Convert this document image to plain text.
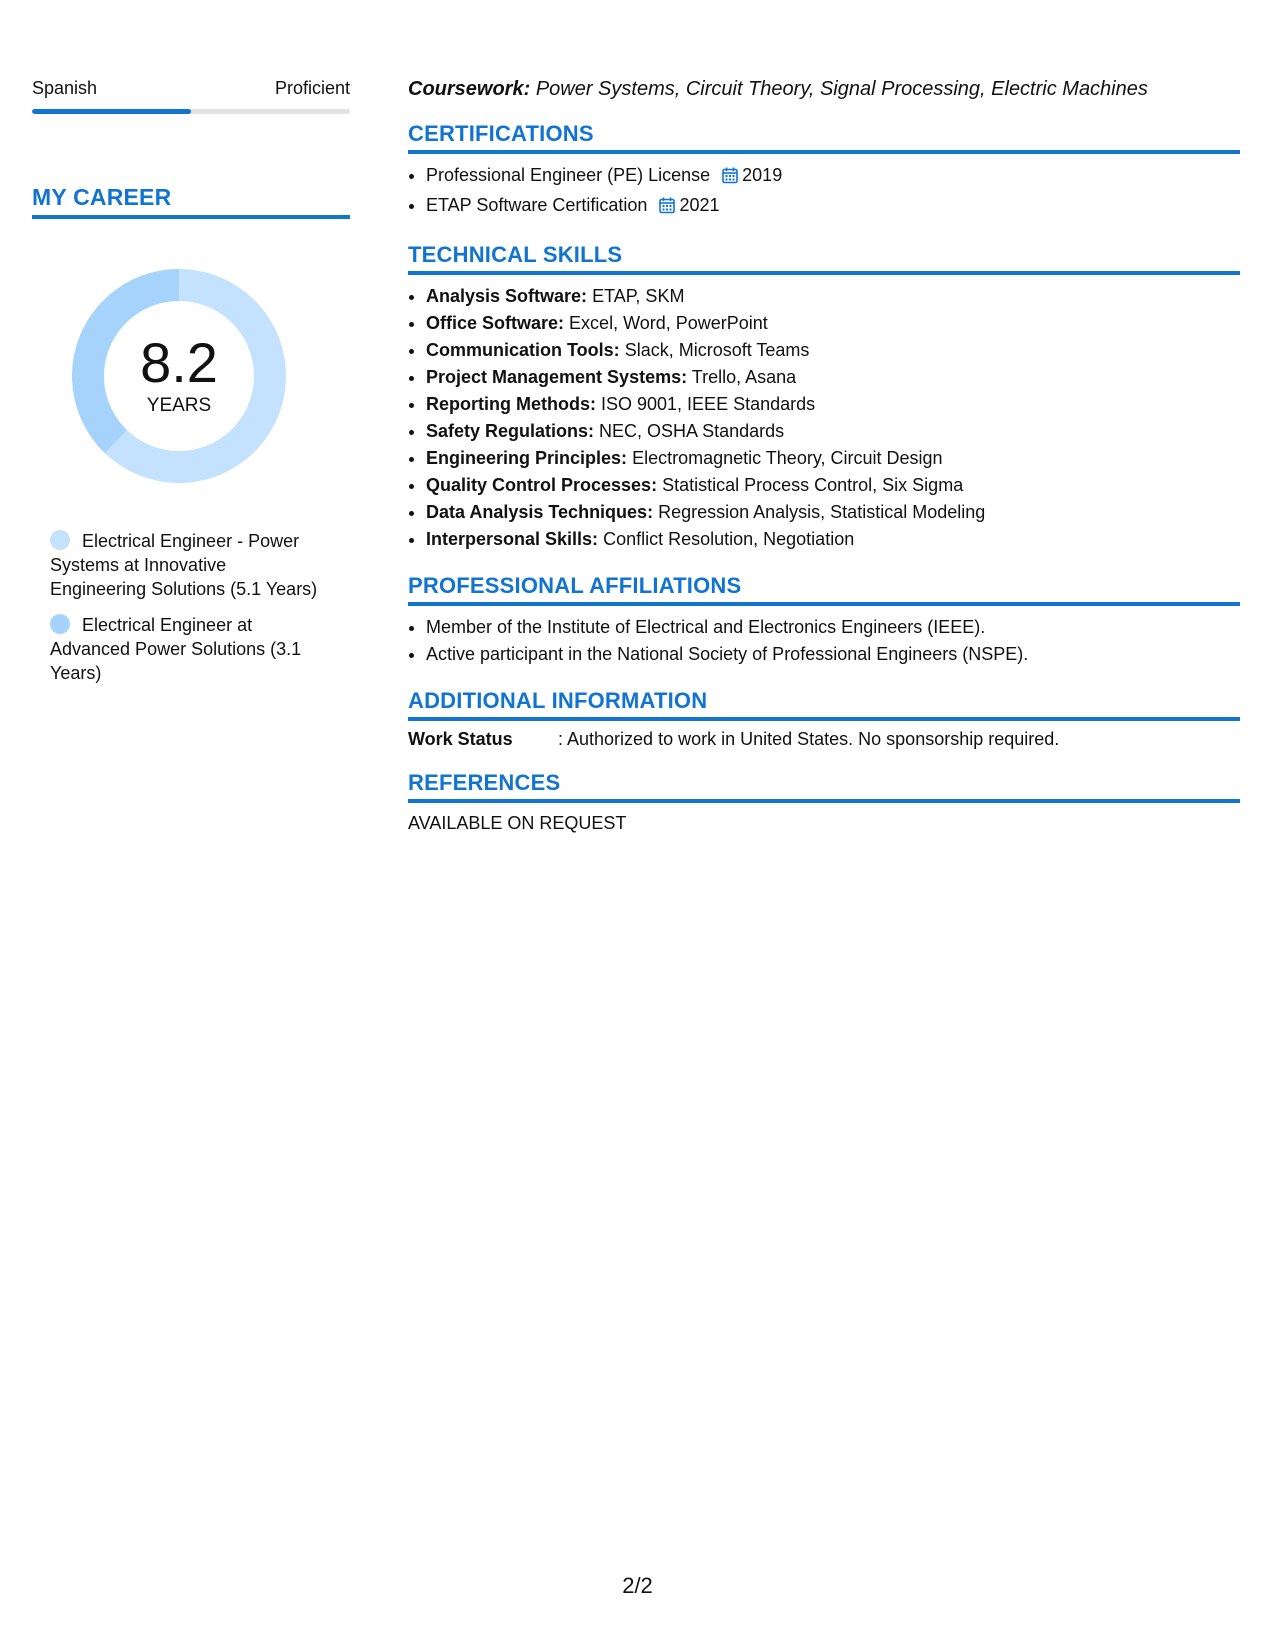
Spanish	Proficient
MY CAREER
8.2
YEARS
Electrical Engineer - Power Systems at Innovative Engineering Solutions (5.1 Years)
Electrical Engineer at Advanced Power Solutions (3.1 Years)
Coursework: Power Systems, Circuit Theory, Signal Processing, Electric Machines
CERTIFICATIONS
• Professional Engineer (PE) License 2019
• ETAP Software Certification 2021
TECHNICAL SKILLS
• Analysis Software: ETAP, SKM
• Office Software: Excel, Word, PowerPoint
• Communication Tools: Slack, Microsoft Teams
• Project Management Systems: Trello, Asana
• Reporting Methods: ISO 9001, IEEE Standards
• Safety Regulations: NEC, OSHA Standards
• Engineering Principles: Electromagnetic Theory, Circuit Design
• Quality Control Processes: Statistical Process Control, Six Sigma
• Data Analysis Techniques: Regression Analysis, Statistical Modeling
• Interpersonal Skills: Conflict Resolution, Negotiation
PROFESSIONAL AFFILIATIONS
• Member of the Institute of Electrical and Electronics Engineers (IEEE).
• Active participant in the National Society of Professional Engineers (NSPE).
ADDITIONAL INFORMATION
Work Status	: Authorized to work in United States. No sponsorship required.
REFERENCES
AVAILABLE ON REQUEST
2/2
